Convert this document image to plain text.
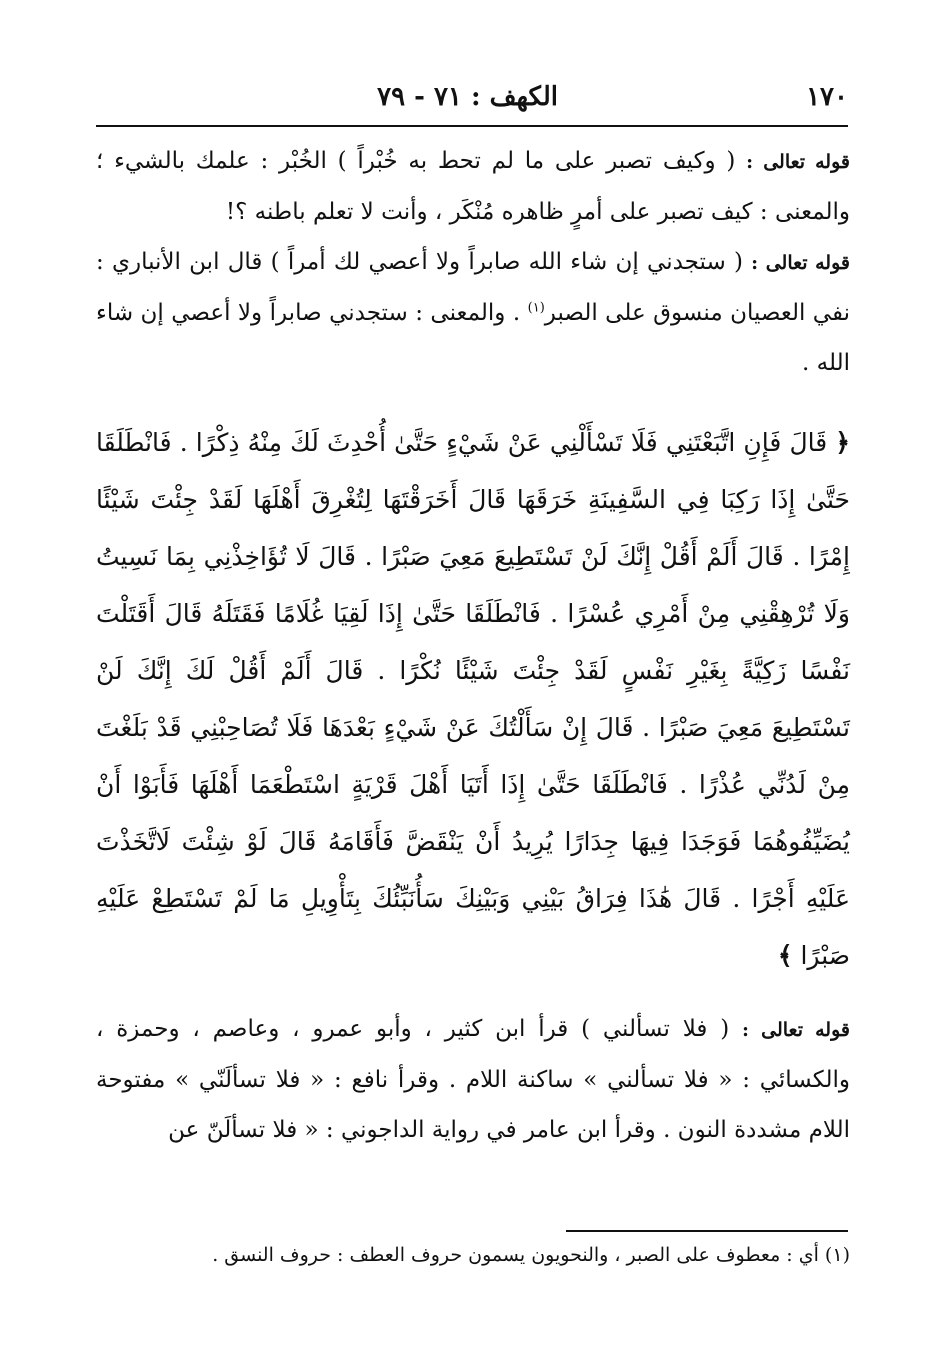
١٧٠
الكهف : ٧١ - ٧٩

قوله تعالى : ( وكيف تصبر على ما لم تحط به خُبْراً ) الخُبْر : علمك بالشيء ؛ والمعنى : كيف تصبر على أمرٍ ظاهره مُنْكَر ، وأنت لا تعلم باطنه ؟!

قوله تعالى : ( ستجدني إن شاء الله صابراً ولا أعصي لك أمراً ) قال ابن الأنباري : نفي العصيان منسوق على الصبر$^{(١)}$ . والمعنى : ستجدني صابراً ولا أعصي إن شاء الله .

﴿ قَالَ فَإِنِ اتَّبَعْتَنِي فَلَا تَسْأَلْنِي عَنْ شَيْءٍ حَتَّىٰ أُحْدِثَ لَكَ مِنْهُ ذِكْرًا . فَانْطَلَقَا حَتَّىٰ إِذَا رَكِبَا فِي السَّفِينَةِ خَرَقَهَا قَالَ أَخَرَقْتَهَا لِتُغْرِقَ أَهْلَهَا لَقَدْ جِئْتَ شَيْئًا إِمْرًا . قَالَ أَلَمْ أَقُلْ إِنَّكَ لَنْ تَسْتَطِيعَ مَعِيَ صَبْرًا . قَالَ لَا تُؤَاخِذْنِي بِمَا نَسِيتُ وَلَا تُرْهِقْنِي مِنْ أَمْرِي عُسْرًا . فَانْطَلَقَا حَتَّىٰ إِذَا لَقِيَا غُلَامًا فَقَتَلَهُ قَالَ أَقَتَلْتَ نَفْسًا زَكِيَّةً بِغَيْرِ نَفْسٍ لَقَدْ جِئْتَ شَيْئًا نُكْرًا . قَالَ أَلَمْ أَقُلْ لَكَ إِنَّكَ لَنْ تَسْتَطِيعَ مَعِيَ صَبْرًا . قَالَ إِنْ سَأَلْتُكَ عَنْ شَيْءٍ بَعْدَهَا فَلَا تُصَاحِبْنِي قَدْ بَلَغْتَ مِنْ لَدُنِّي عُذْرًا . فَانْطَلَقَا حَتَّىٰ إِذَا أَتَيَا أَهْلَ قَرْيَةٍ اسْتَطْعَمَا أَهْلَهَا فَأَبَوْا أَنْ يُضَيِّفُوهُمَا فَوَجَدَا فِيهَا جِدَارًا يُرِيدُ أَنْ يَنْقَضَّ فَأَقَامَهُ قَالَ لَوْ شِئْتَ لَاتَّخَذْتَ عَلَيْهِ أَجْرًا . قَالَ هَٰذَا فِرَاقُ بَيْنِي وَبَيْنِكَ سَأُنَبِّئُكَ بِتَأْوِيلِ مَا لَمْ تَسْتَطِعْ عَلَيْهِ صَبْرًا ﴾

قوله تعالى : ( فلا تسألني ) قرأ ابن كثير ، وأبو عمرو ، وعاصم ، وحمزة ، والكسائي : « فلا تسألني » ساكنة اللام . وقرأ نافع : « فلا تسألَنّي » مفتوحة اللام مشددة النون . وقرأ ابن عامر في رواية الداجوني : « فلا تسألَنّ عن

(١) أي : معطوف على الصبر ، والنحويون يسمون حروف العطف : حروف النسق .
